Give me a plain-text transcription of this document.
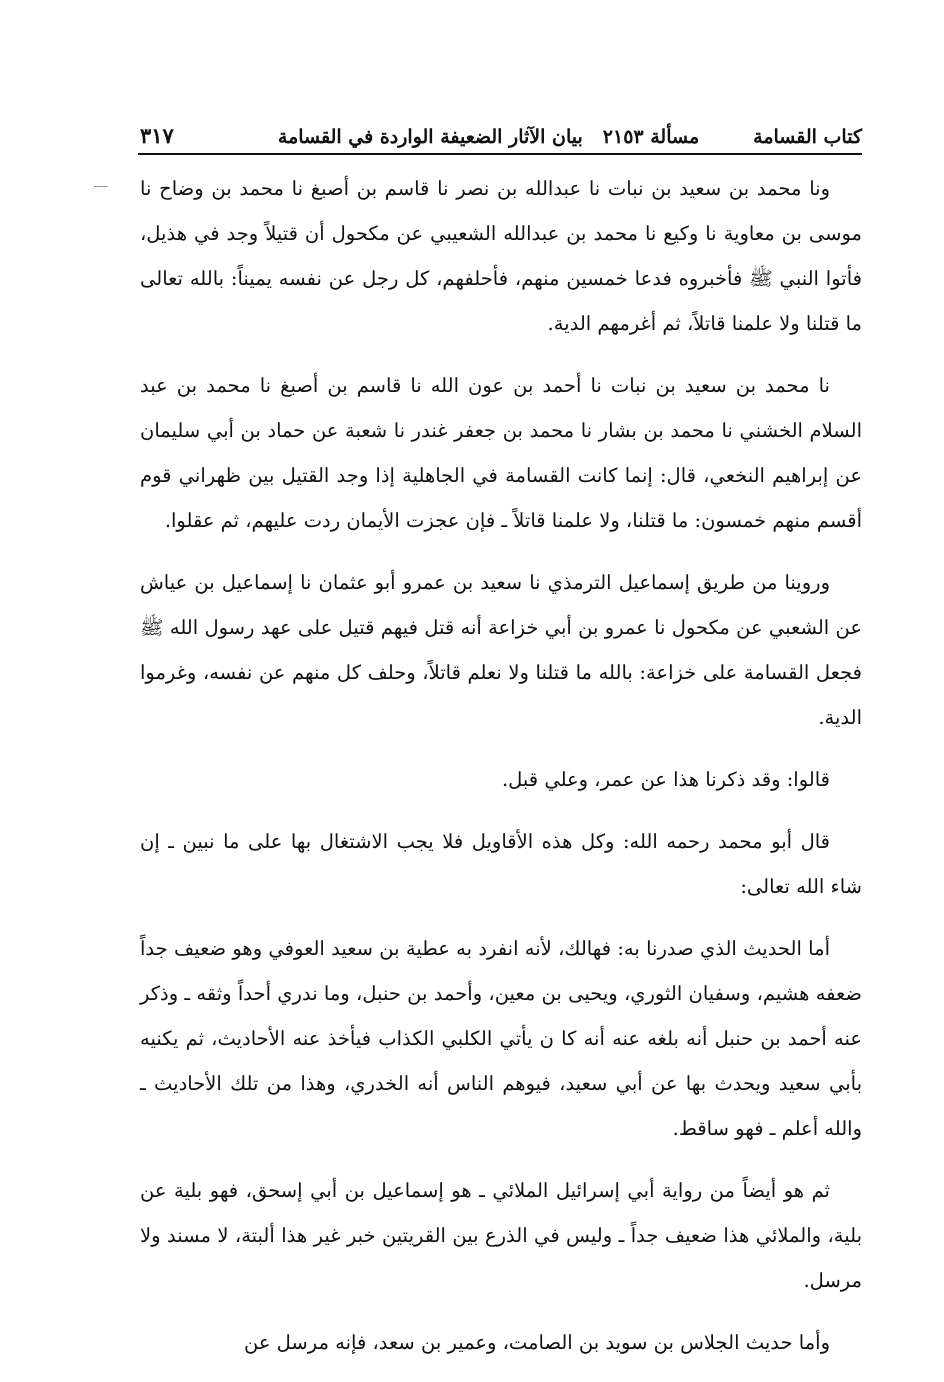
كتاب القسامة
مسألة ٢١٥٣
بيان الآثار الضعيفة الواردة في القسامة
٣١٧

ونا محمد بن سعيد بن نبات نا عبدالله بن نصر نا قاسم بن أصبغ نا محمد بن وضاح نا موسى بن معاوية نا وكيع نا محمد بن عبدالله الشعيبي عن مكحول أن قتيلاً وجد في هذيل، فأتوا النبي ﷺ فأخبروه فدعا خمسين منهم، فأحلفهم، كل رجل عن نفسه يميناً: بالله تعالى ما قتلنا ولا علمنا قاتلاً، ثم أغرمهم الدية.

نا محمد بن سعيد بن نبات نا أحمد بن عون الله نا قاسم بن أصبغ نا محمد بن عبد السلام الخشني نا محمد بن بشار نا محمد بن جعفر غندر نا شعبة عن حماد بن أبي سليمان عن إبراهيم النخعي، قال: إنما كانت القسامة في الجاهلية إذا وجد القتيل بين ظهراني قوم أقسم منهم خمسون: ما قتلنا، ولا علمنا قاتلاً ـ فإن عجزت الأيمان ردت عليهم، ثم عقلوا.

وروينا من طريق إسماعيل الترمذي نا سعيد بن عمرو أبو عثمان نا إسماعيل بن عياش عن الشعبي عن مكحول نا عمرو بن أبي خزاعة أنه قتل فيهم قتيل على عهد رسول الله ﷺ فجعل القسامة على خزاعة: بالله ما قتلنا ولا نعلم قاتلاً، وحلف كل منهم عن نفسه، وغرموا الدية.

قالوا: وقد ذكرنا هذا عن عمر، وعلي قبل.

قال أبو محمد رحمه الله: وكل هذه الأقاويل فلا يجب الاشتغال بها على ما نبين ـ إن شاء الله تعالى:

أما الحديث الذي صدرنا به: فهالك، لأنه انفرد به عطية بن سعيد العوفي وهو ضعيف جداً ضعفه هشيم، وسفيان الثوري، ويحيى بن معين، وأحمد بن حنبل، وما ندري أحداً وثقه ـ وذكر عنه أحمد بن حنبل أنه بلغه عنه أنه كا ن يأتي الكلبي الكذاب فيأخذ عنه الأحاديث، ثم يكنيه بأبي سعيد ويحدث بها عن أبي سعيد، فيوهم الناس أنه الخدري، وهذا من تلك الأحاديث ـ والله أعلم ـ فهو ساقط.

ثم هو أيضاً من رواية أبي إسرائيل الملائي ـ هو إسماعيل بن أبي إسحق، فهو بلية عن بلية، والملائي هذا ضعيف جداً ـ وليس في الذرع بين القريتين خبر غير هذا ألبتة، لا مسند ولا مرسل.

وأما حديث الجلاس بن سويد بن الصامت، وعمير بن سعد، فإنه مرسل عن
